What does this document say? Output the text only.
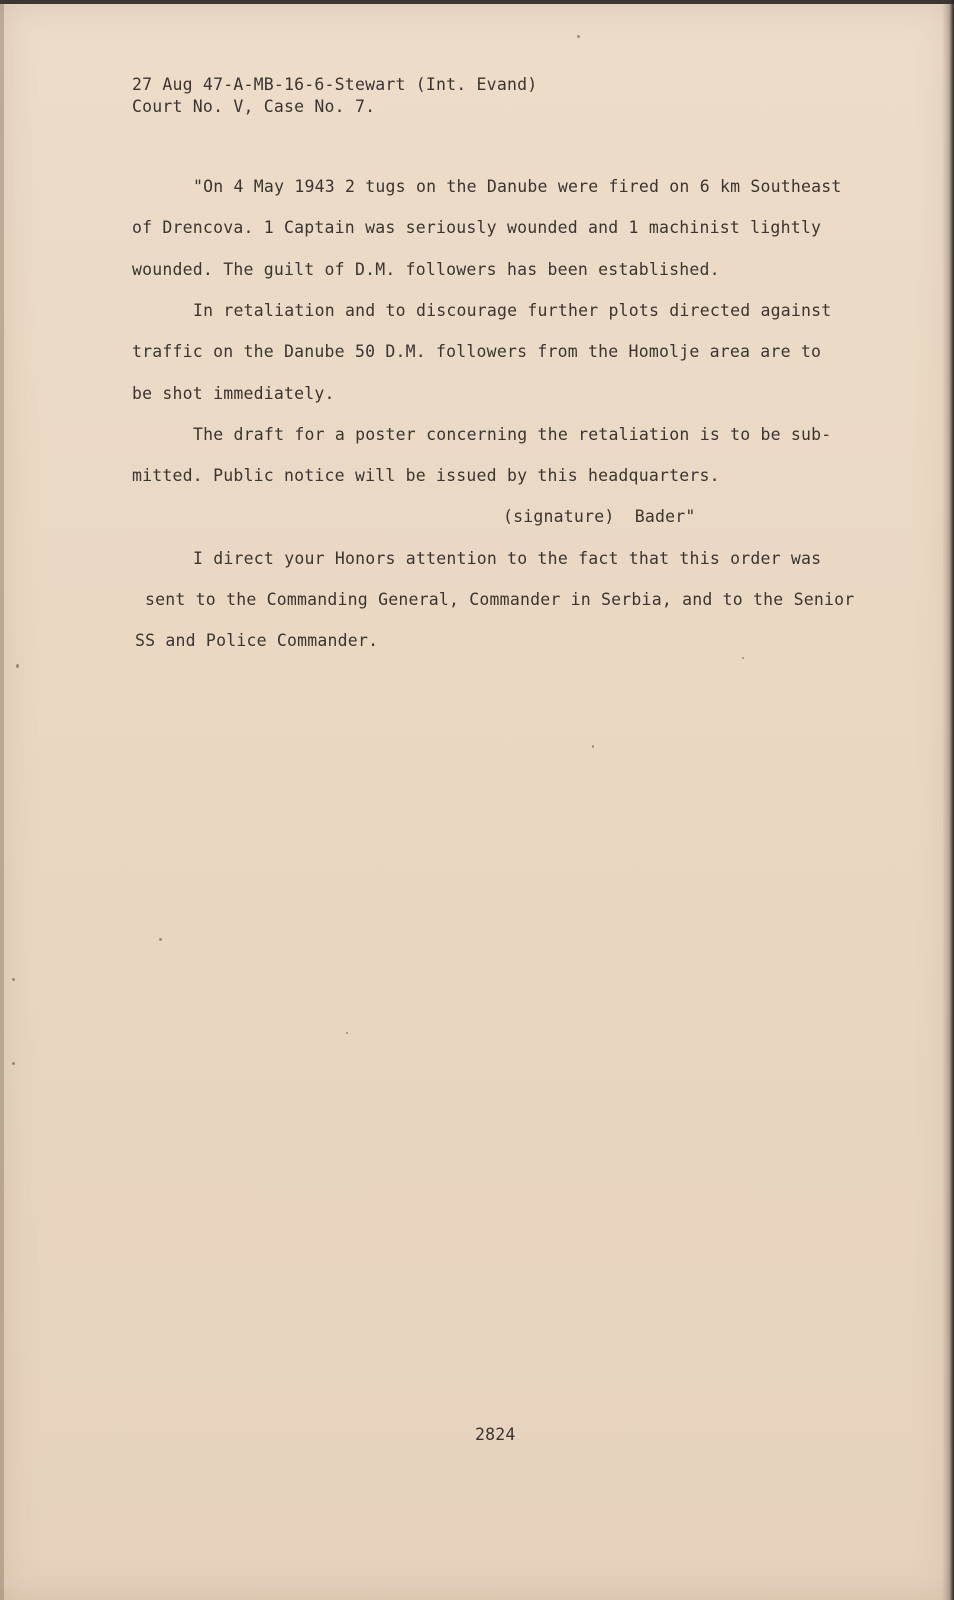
27 Aug 47-A-MB-16-6-Stewart (Int. Evand)
Court No. V, Case No. 7.
"On 4 May 1943 2 tugs on the Danube were fired on 6 km Southeast
of Drencova. 1 Captain was seriously wounded and 1 machinist lightly
wounded. The guilt of D.M. followers has been established.
In retaliation and to discourage further plots directed against
traffic on the Danube 50 D.M. followers from the Homolje area are to
be shot immediately.
The draft for a poster concerning the retaliation is to be sub-
mitted. Public notice will be issued by this headquarters.
(signature)  Bader"
I direct your Honors attention to the fact that this order was
sent to the Commanding General, Commander in Serbia, and to the Senior
SS and Police Commander.
2824
